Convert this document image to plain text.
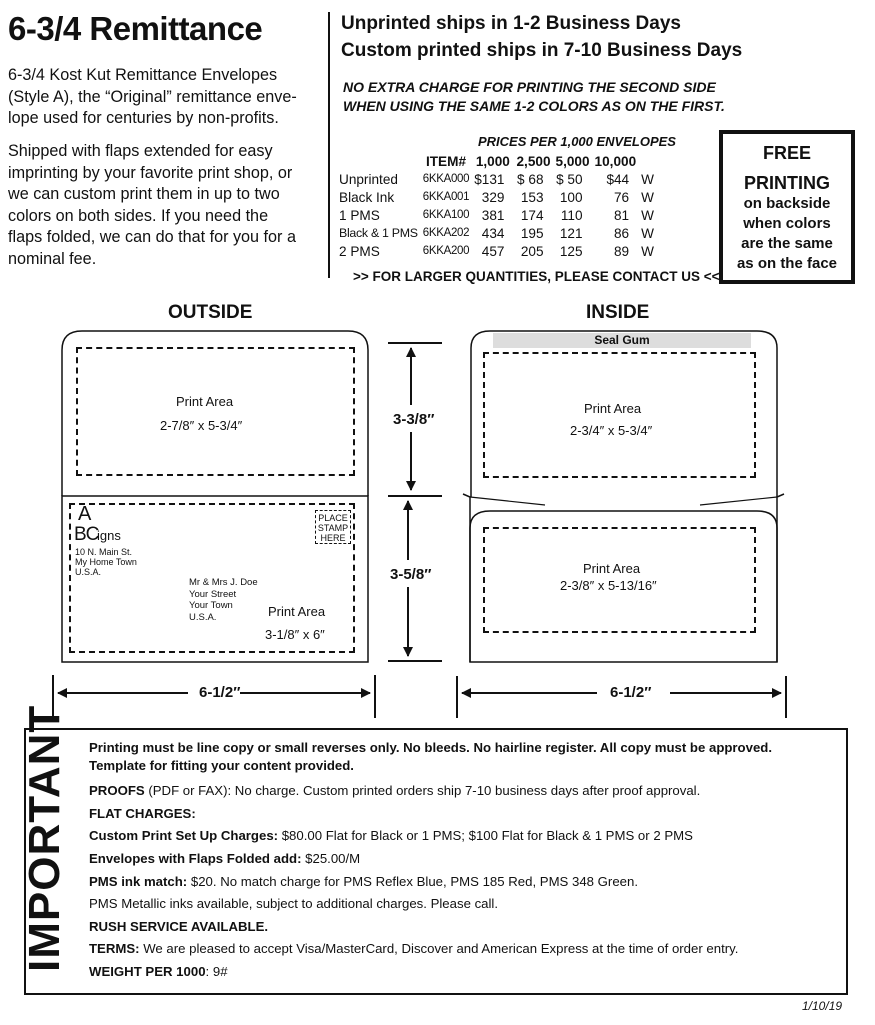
6-3/4 Remittance
6-3/4 Kost Kut Remittance Envelopes
(Style A), the “Original” remittance enve-
lope used for centuries by non-profits.
Shipped with flaps extended for easy
imprinting by your favorite print shop, or
we can custom print them in up to two
colors on both sides. If you need the
flaps folded, we can do that for you for a
nominal fee.
Unprinted ships in 1-2 Business Days
Custom printed ships in 7-10 Business Days
NO EXTRA CHARGE FOR PRINTING THE SECOND SIDE
WHEN USING THE SAME 1-2 COLORS AS ON THE FIRST.
PRICES PER 1,000 ENVELOPES
	ITEM#	1,000	2,500	5,000	10,000	
Unprinted	6KKA000	$131	$ 68	$ 50	$44	W
Black Ink	6KKA001	329	153	100	76	W
1 PMS	6KKA100	381	174	110	81	W
Black & 1 PMS	6KKA202	434	195	121	86	W
2 PMS	6KKA200	457	205	125	89	W
>> FOR LARGER QUANTITIES, PLEASE CONTACT US <<
FREE
PRINTING
on backside
when colors
are the same
as on the face
OUTSIDE	INSIDE
Print Area
2-7/8″ x 5-3/4″
A
BC
igns
10 N. Main St.
My Home Town
U.S.A.
PLACE
STAMP
HERE
Mr & Mrs J. Doe
Your Street
Your Town
U.S.A.	Print Area
3-1/8″ x 6″
3-3/8″
3-5/8″
6-1/2″	6-1/2″
Seal Gum
Print Area
2-3/4″ x 5-3/4″
Print Area
2-3/8″ x 5-13/16″
IMPORTANT Printing must be line copy or small reverses only. No bleeds. No hairline register. All copy must be approved.
Template for fitting your content provided.
PROOFS (PDF or FAX): No charge. Custom printed orders ship 7-10 business days after proof approval.
FLAT CHARGES:
Custom Print Set Up Charges: $80.00 Flat for Black or 1 PMS; $100 Flat for Black & 1 PMS or 2 PMS
Envelopes with Flaps Folded add: $25.00/M
PMS ink match: $20. No match charge for PMS Reflex Blue, PMS 185 Red, PMS 348 Green.
PMS Metallic inks available, subject to additional charges. Please call.
RUSH SERVICE AVAILABLE.
TERMS: We are pleased to accept Visa/MasterCard, Discover and American Express at the time of order entry.
WEIGHT PER 1000: 9#
1/10/19
